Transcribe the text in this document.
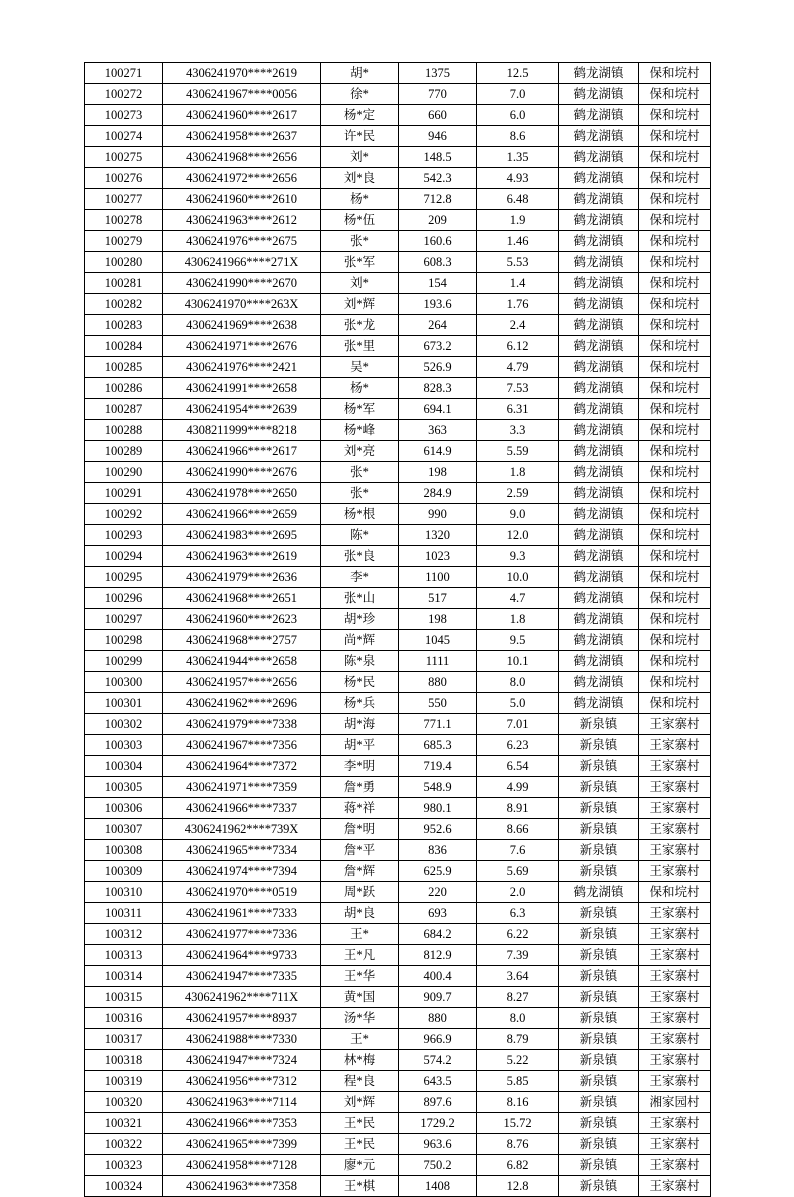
100271	4306241970****2619	胡*	1375	12.5	鹤龙湖镇	保和垸村
100272	4306241967****0056	徐*	770	7.0	鹤龙湖镇	保和垸村
100273	4306241960****2617	杨*定	660	6.0	鹤龙湖镇	保和垸村
100274	4306241958****2637	许*民	946	8.6	鹤龙湖镇	保和垸村
100275	4306241968****2656	刘*	148.5	1.35	鹤龙湖镇	保和垸村
100276	4306241972****2656	刘*良	542.3	4.93	鹤龙湖镇	保和垸村
100277	4306241960****2610	杨*	712.8	6.48	鹤龙湖镇	保和垸村
100278	4306241963****2612	杨*伍	209	1.9	鹤龙湖镇	保和垸村
100279	4306241976****2675	张*	160.6	1.46	鹤龙湖镇	保和垸村
100280	4306241966****271X	张*军	608.3	5.53	鹤龙湖镇	保和垸村
100281	4306241990****2670	刘*	154	1.4	鹤龙湖镇	保和垸村
100282	4306241970****263X	刘*辉	193.6	1.76	鹤龙湖镇	保和垸村
100283	4306241969****2638	张*龙	264	2.4	鹤龙湖镇	保和垸村
100284	4306241971****2676	张*里	673.2	6.12	鹤龙湖镇	保和垸村
100285	4306241976****2421	吴*	526.9	4.79	鹤龙湖镇	保和垸村
100286	4306241991****2658	杨*	828.3	7.53	鹤龙湖镇	保和垸村
100287	4306241954****2639	杨*军	694.1	6.31	鹤龙湖镇	保和垸村
100288	4308211999****8218	杨*峰	363	3.3	鹤龙湖镇	保和垸村
100289	4306241966****2617	刘*亮	614.9	5.59	鹤龙湖镇	保和垸村
100290	4306241990****2676	张*	198	1.8	鹤龙湖镇	保和垸村
100291	4306241978****2650	张*	284.9	2.59	鹤龙湖镇	保和垸村
100292	4306241966****2659	杨*根	990	9.0	鹤龙湖镇	保和垸村
100293	4306241983****2695	陈*	1320	12.0	鹤龙湖镇	保和垸村
100294	4306241963****2619	张*良	1023	9.3	鹤龙湖镇	保和垸村
100295	4306241979****2636	李*	1100	10.0	鹤龙湖镇	保和垸村
100296	4306241968****2651	张*山	517	4.7	鹤龙湖镇	保和垸村
100297	4306241960****2623	胡*珍	198	1.8	鹤龙湖镇	保和垸村
100298	4306241968****2757	尚*辉	1045	9.5	鹤龙湖镇	保和垸村
100299	4306241944****2658	陈*泉	1111	10.1	鹤龙湖镇	保和垸村
100300	4306241957****2656	杨*民	880	8.0	鹤龙湖镇	保和垸村
100301	4306241962****2696	杨*兵	550	5.0	鹤龙湖镇	保和垸村
100302	4306241979****7338	胡*海	771.1	7.01	新泉镇	王家寨村
100303	4306241967****7356	胡*平	685.3	6.23	新泉镇	王家寨村
100304	4306241964****7372	李*明	719.4	6.54	新泉镇	王家寨村
100305	4306241971****7359	詹*勇	548.9	4.99	新泉镇	王家寨村
100306	4306241966****7337	蒋*祥	980.1	8.91	新泉镇	王家寨村
100307	4306241962****739X	詹*明	952.6	8.66	新泉镇	王家寨村
100308	4306241965****7334	詹*平	836	7.6	新泉镇	王家寨村
100309	4306241974****7394	詹*辉	625.9	5.69	新泉镇	王家寨村
100310	4306241970****0519	周*跃	220	2.0	鹤龙湖镇	保和垸村
100311	4306241961****7333	胡*良	693	6.3	新泉镇	王家寨村
100312	4306241977****7336	王*	684.2	6.22	新泉镇	王家寨村
100313	4306241964****9733	王*凡	812.9	7.39	新泉镇	王家寨村
100314	4306241947****7335	王*华	400.4	3.64	新泉镇	王家寨村
100315	4306241962****711X	黄*国	909.7	8.27	新泉镇	王家寨村
100316	4306241957****8937	汤*华	880	8.0	新泉镇	王家寨村
100317	4306241988****7330	王*	966.9	8.79	新泉镇	王家寨村
100318	4306241947****7324	林*梅	574.2	5.22	新泉镇	王家寨村
100319	4306241956****7312	程*良	643.5	5.85	新泉镇	王家寨村
100320	4306241963****7114	刘*辉	897.6	8.16	新泉镇	湘家园村
100321	4306241966****7353	王*民	1729.2	15.72	新泉镇	王家寨村
100322	4306241965****7399	王*民	963.6	8.76	新泉镇	王家寨村
100323	4306241958****7128	廖*元	750.2	6.82	新泉镇	王家寨村
100324	4306241963****7358	王*棋	1408	12.8	新泉镇	王家寨村
